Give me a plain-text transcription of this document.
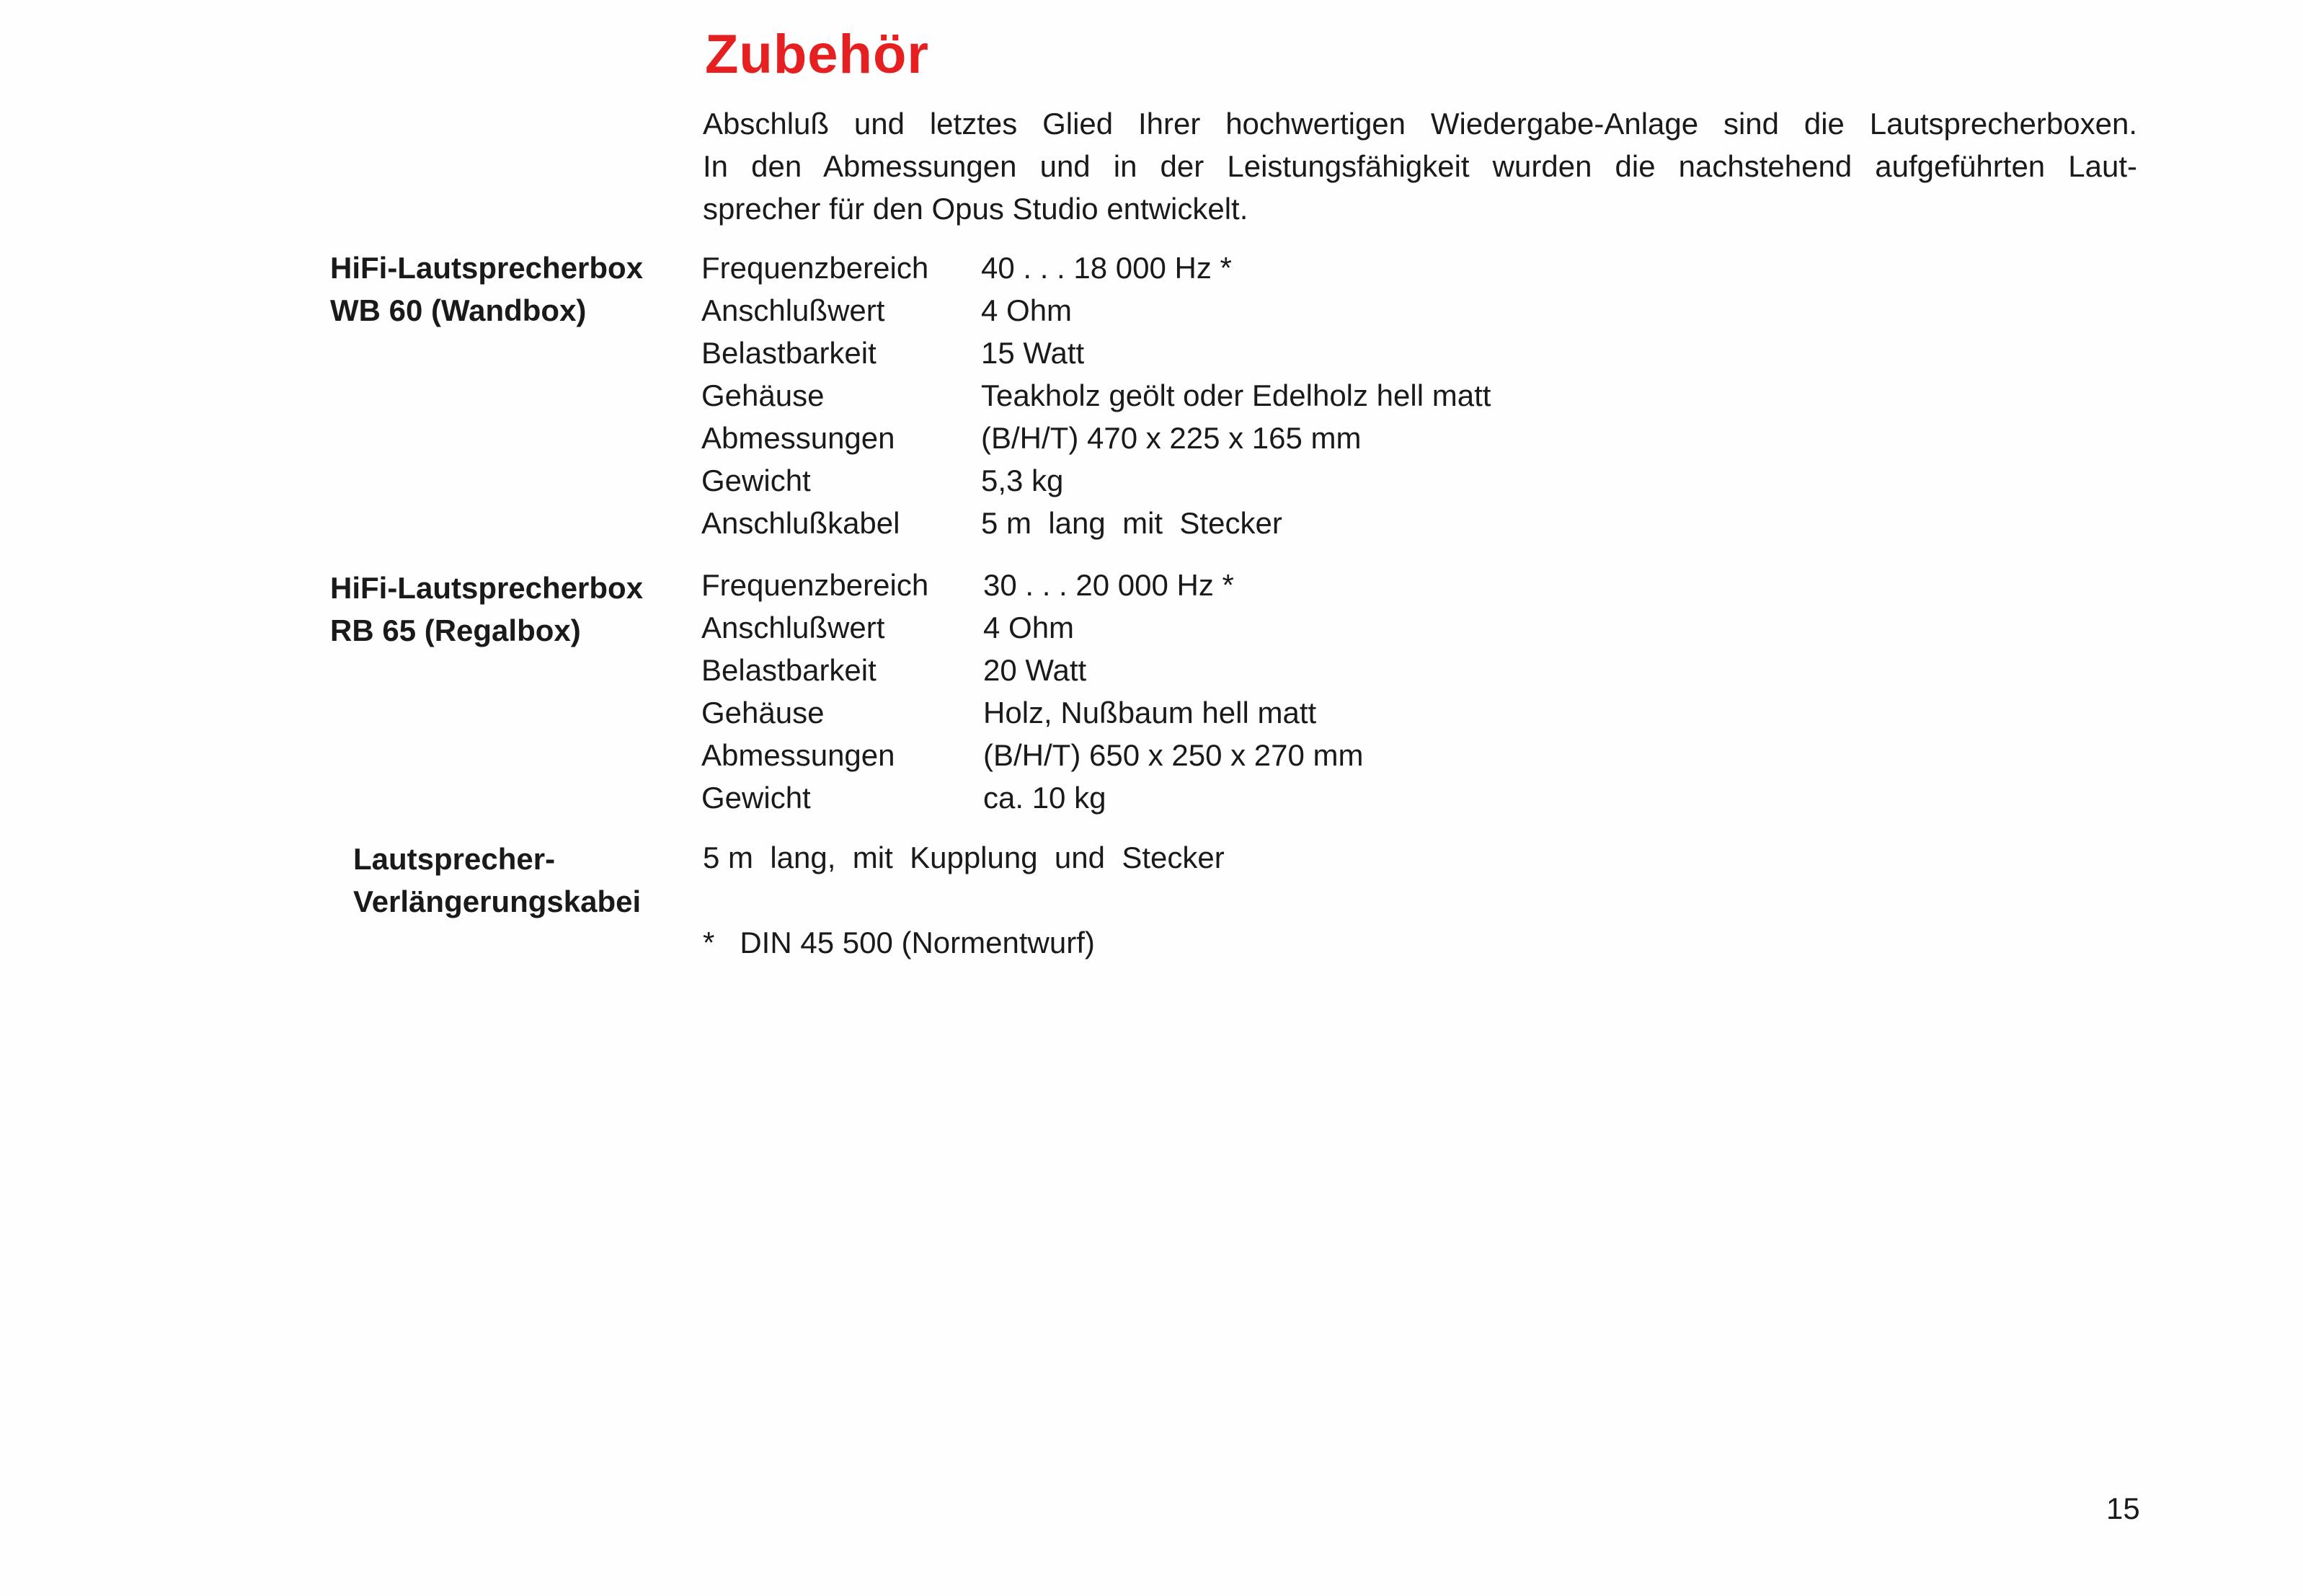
Zubehör
Abschluß und letztes Glied Ihrer hochwertigen Wiedergabe-Anlage sind die Lautsprecherboxen.
In den Abmessungen und in der Leistungsfähigkeit wurden die nachstehend aufgeführten Laut-
sprecher für den Opus Studio entwickelt.
HiFi-Lautsprecherbox
WB 60 (Wandbox)
Frequenzbereich 40 . . . 18 000 Hz *
Anschlußwert	4 Ohm
Belastbarkeit	15 Watt
Gehäuse	Teakholz geölt oder Edelholz hell matt
Abmessungen	(B/H/T) 470 x 225 x 165 mm
Gewicht	5,3 kg
Anschlußkabel	5 m  lang  mit  Stecker
HiFi-Lautsprecherbox
RB 65 (Regalbox)
Frequenzbereich 30 . . . 20 000 Hz *
Anschlußwert	4 Ohm
Belastbarkeit	20 Watt
Gehäuse	Holz, Nußbaum hell matt
Abmessungen	(B/H/T) 650 x 250 x 270 mm
Gewicht	ca. 10 kg
Lautsprecher-
Verlängerungskabei
5 m  lang,  mit  Kupplung  und  Stecker
*   DIN 45 500 (Normentwurf)
15
